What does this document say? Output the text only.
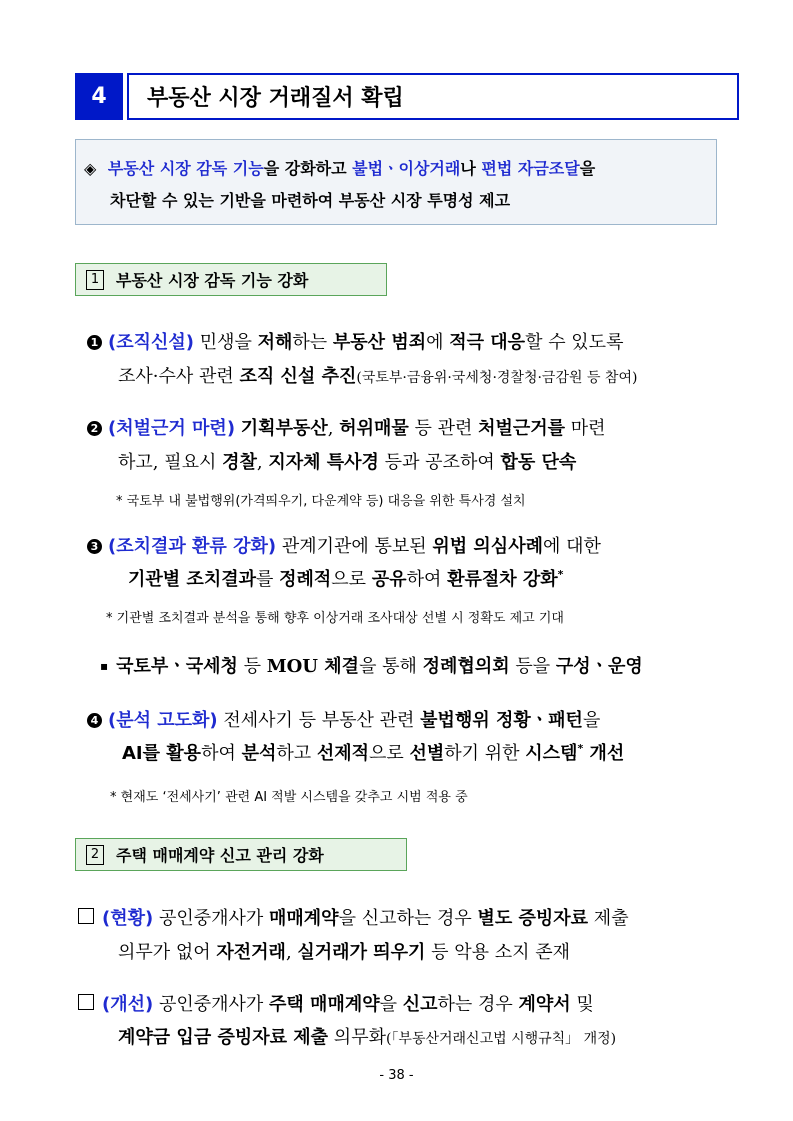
4	부동산 시장 거래질서 확립
◈ 부동산 시장 감독 기능을 강화하고 불법ㆍ이상거래나 편법 자금조달을
차단할 수 있는 기반을 마련하여 부동산 시장 투명성 제고
1	부동산 시장 감독 기능 강화
1 (조직신설) 민생을 저해하는 부동산 범죄에 적극 대응할 수 있도록
조사·수사 관련 조직 신설 추진(국토부·금융위·국세청·경찰청·금감원 등 참여)
2 (처벌근거 마련) 기획부동산, 허위매물 등 관련 처벌근거를 마련
하고, 필요시 경찰, 지자체 특사경 등과 공조하여 합동 단속
* 국토부 내 불법행위(가격띄우기, 다운계약 등) 대응을 위한 특사경 설치
3 (조치결과 환류 강화) 관계기관에 통보된 위법 의심사례에 대한
기관별 조치결과를 정례적으로 공유하여 환류절차 강화*
* 기관별 조치결과 분석을 통해 향후 이상거래 조사대상 선별 시 정확도 제고 기대
▪ 국토부ㆍ국세청 등 MOU 체결을 통해 정례협의회 등을 구성ㆍ운영
4 (분석 고도화) 전세사기 등 부동산 관련 불법행위 정황ㆍ패턴을
AI를 활용하여 분석하고 선제적으로 선별하기 위한 시스템* 개선
* 현재도 ‘전세사기’ 관련 AI 적발 시스템을 갖추고 시범 적용 중
2	주택 매매계약 신고 관리 강화
(현황) 공인중개사가 매매계약을 신고하는 경우 별도 증빙자료 제출
의무가 없어 자전거래, 실거래가 띄우기 등 악용 소지 존재
(개선) 공인중개사가 주택 매매계약을 신고하는 경우 계약서 및
계약금 입금 증빙자료 제출 의무화(「부동산거래신고법 시행규칙」 개정)
- 38 -
